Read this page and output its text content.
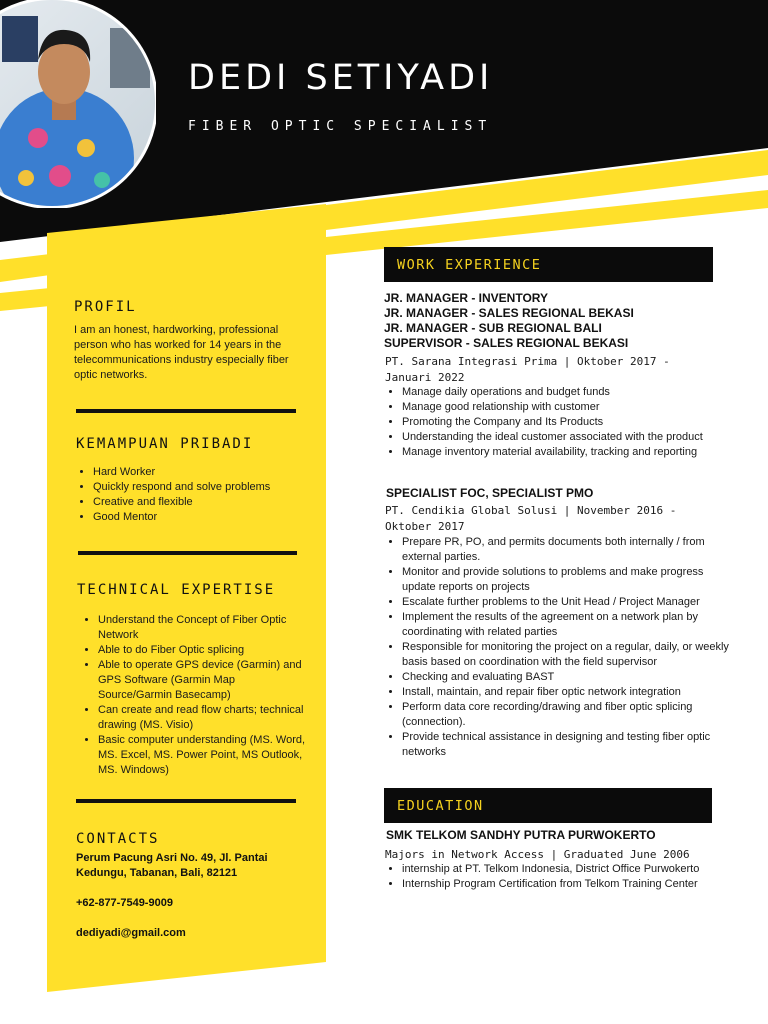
DEDI SETIYADI
FIBER OPTIC SPECIALIST
PROFIL
I am an honest, hardworking, professional person who has worked for 14 years in the telecommunications industry especially fiber optic networks.
KEMAMPUAN PRIBADI
• Hard Worker
• Quickly respond and solve problems
• Creative and flexible
• Good Mentor
TECHNICAL EXPERTISE
• Understand the Concept of Fiber Optic Network
• Able to do Fiber Optic splicing
• Able to operate GPS device (Garmin) and GPS Software (Garmin Map Source/Garmin Basecamp)
• Can create and read flow charts; technical drawing (MS. Visio)
• Basic computer understanding (MS. Word, MS. Excel, MS. Power Point, MS Outlook, MS. Windows)
CONTACTS
Perum Pacung Asri No. 49, Jl. Pantai Kedungu, Tabanan, Bali, 82121
+62-877-7549-9009
dediyadi@gmail.com
WORK EXPERIENCE
JR. MANAGER - INVENTORY
JR. MANAGER - SALES REGIONAL BEKASI
JR. MANAGER - SUB REGIONAL BALI
SUPERVISOR - SALES REGIONAL BEKASI
PT. Sarana Integrasi Prima | Oktober 2017 - Januari 2022
• Manage daily operations and budget funds
• Manage good relationship with customer
• Promoting the Company and Its Products
• Understanding the ideal customer associated with the product
• Manage inventory material availability, tracking and reporting
SPECIALIST FOC, SPECIALIST PMO
PT. Cendikia Global Solusi | November 2016 - Oktober 2017
• Prepare PR, PO, and permits documents both internally / from external parties.
• Monitor and provide solutions to problems and make progress update reports on projects
• Escalate further problems to the Unit Head / Project Manager
• Implement the results of the agreement on a network plan by coordinating with related parties
• Responsible for monitoring the project on a regular, daily, or weekly basis based on coordination with the field supervisor
• Checking and evaluating BAST
• Install, maintain, and repair fiber optic network integration
• Perform data core recording/drawing and fiber optic splicing (connection).
• Provide technical assistance in designing and testing fiber optic networks
EDUCATION
SMK TELKOM SANDHY PUTRA PURWOKERTO
Majors in Network Access | Graduated June 2006
• internship at PT. Telkom Indonesia, District Office Purwokerto
• Internship Program Certification from Telkom Training Center
